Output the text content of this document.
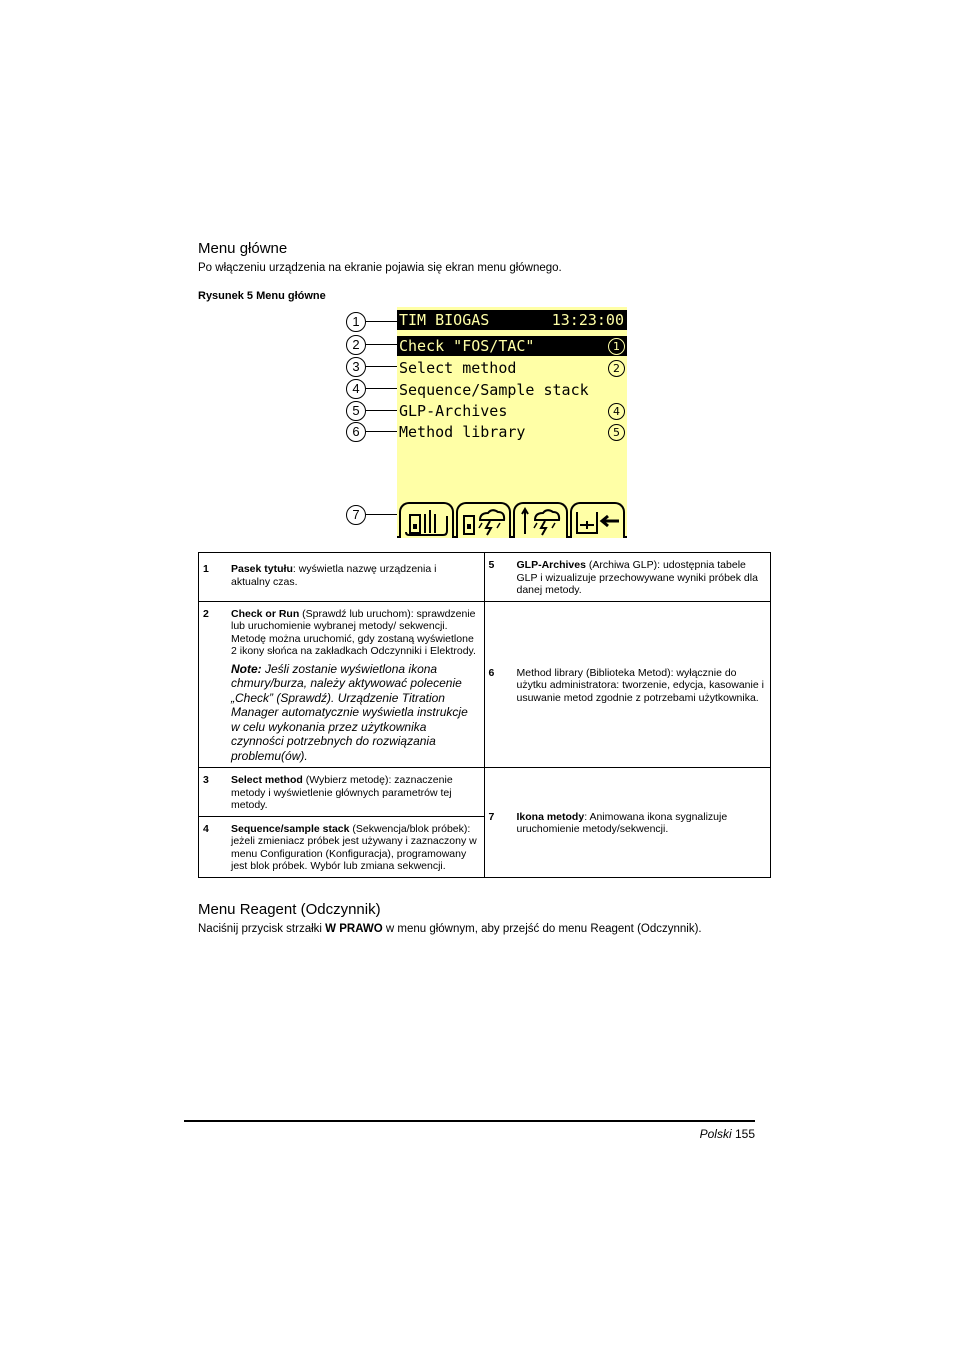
Menu główne
Po włączeniu urządzenia na ekranie pojawia się ekran menu głównego.
Rysunek 5 Menu główne
1
2
3
4
5
6
7
TIM BIOGAS	13:23:00
Check "FOS/TAC"	1
Select method	2
Sequence/Sample stack
GLP-Archives	4
Method library	5
1 Pasek tytułu: wyświetla nazwę urządzenia i aktualny czas.	5 GLP-Archives (Archiwa GLP): udostępnia tabele GLP i wizualizuje przechowywane wyniki próbek dla danej metody.

2 Check or Run (Sprawdź lub uruchom): sprawdzenie lub uruchomienie wybranej metody/ sekwencji. Metodę można uruchomić, gdy zostaną wyświetlone 2 ikony słońca na zakładkach Odczynniki i Elektrody.
Note: Jeśli zostanie wyświetlona ikona chmury/burza, należy aktywować polecenie „Check” (Sprawdź). Urządzenie Titration Manager automatycznie wyświetla instrukcje w celu wykonania przez użytkownika czynności potrzebnych do rozwiązania problemu(ów).	6 Method library (Biblioteka Metod): wyłącznie do użytku administratora: tworzenie, edycja, kasowanie i usuwanie metod zgodnie z potrzebami użytkownika.

3 Select method (Wybierz metodę): zaznaczenie metody i wyświetlenie głównych parametrów tej metody.	7 Ikona metody: Animowana ikona sygnalizuje uruchomienie metody/sekwencji.

4 Sequence/sample stack (Sekwencja/blok próbek): jeżeli zmieniacz próbek jest używany i zaznaczony w menu Configuration (Konfiguracja), programowany jest blok próbek. Wybór lub zmiana sekwencji.	
Menu Reagent (Odczynnik)
Naciśnij przycisk strzałki W PRAWO w menu głównym, aby przejść do menu Reagent (Odczynnik).
Polski 155
